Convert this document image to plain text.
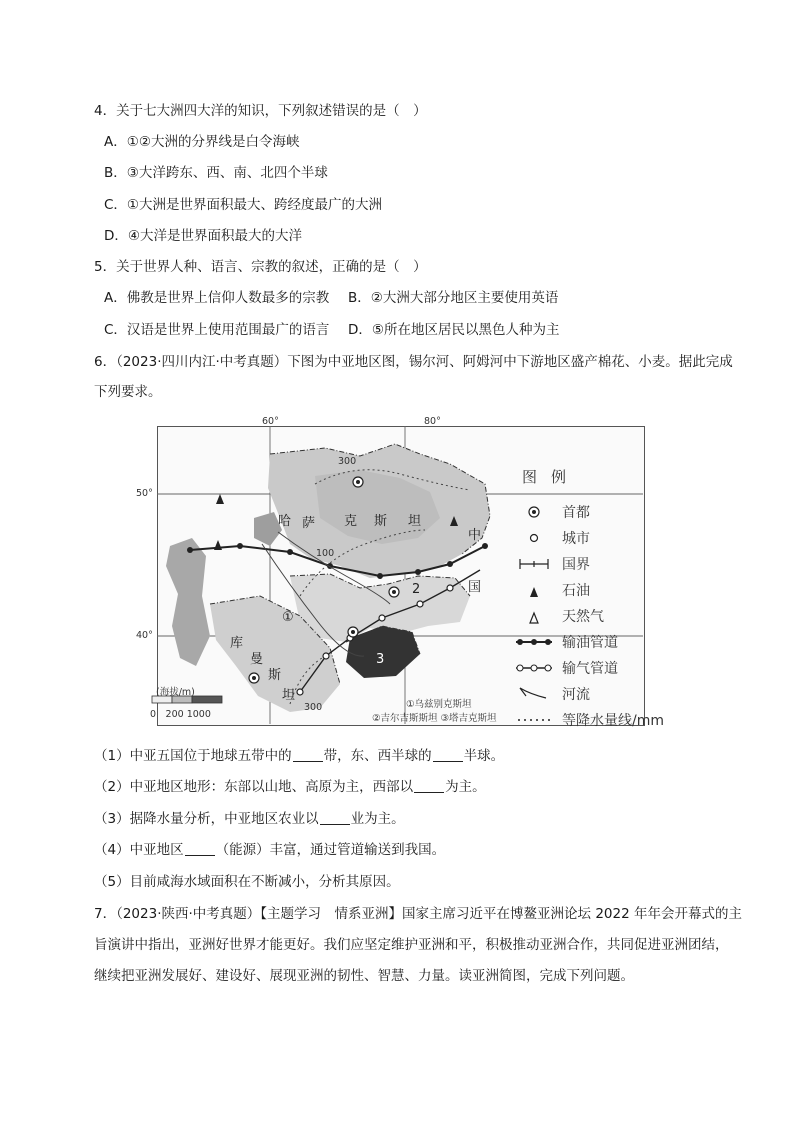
4．关于七大洲四大洋的知识，下列叙述错误的是（　）
A．①②大洲的分界线是白令海峡
B．③大洋跨东、西、南、北四个半球
C．①大洲是世界面积最大、跨经度最广的大洲
D．④大洋是世界面积最大的大洋
5．关于世界人种、语言、宗教的叙述，正确的是（　）
A．佛教是世界上信仰人数最多的宗教 B．②大洲大部分地区主要使用英语
C．汉语是世界上使用范围最广的语言 D．⑤所在地区居民以黑色人种为主
6．（2023·四川内江·中考真题）下图为中亚地区图，锡尔河、阿姆河中下游地区盛产棉花、小麦。据此完成
下列要求。
60°	80°
50°
40°
哈 萨 克 斯 坦
中
国
库
曼
斯
坦
300
100
300
①
2
3
(海拔/m)
0　200 1000
①乌兹别克斯坦
②吉尔吉斯斯坦 ③塔吉克斯坦
图例
首都
城市
国界
石油
天然气
输油管道
输气管道
河流
等降水量线/mm
（1）中亚五国位于地球五带中的 带，东、西半球的 半球。
（2）中亚地区地形：东部以山地、高原为主，西部以 为主。
（3）据降水量分析，中亚地区农业以 业为主。
（4）中亚地区 （能源）丰富，通过管道输送到我国。
（5）目前咸海水域面积在不断减小，分析其原因。
7．（2023·陕西·中考真题）【主题学习　情系亚洲】国家主席习近平在博鳌亚洲论坛 2022 年年会开幕式的主
旨演讲中指出，亚洲好世界才能更好。我们应坚定维护亚洲和平，积极推动亚洲合作，共同促进亚洲团结，
继续把亚洲发展好、建设好、展现亚洲的韧性、智慧、力量。读亚洲简图，完成下列问题。
